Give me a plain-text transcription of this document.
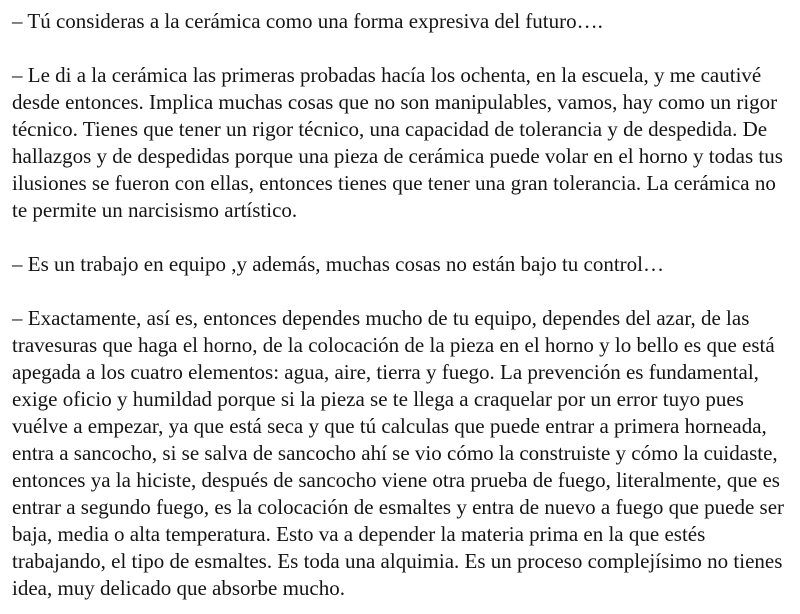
– Tú consideras a la cerámica como una forma expresiva del futuro….

– Le di a la cerámica las primeras probadas hacía los ochenta, en la escuela, y me cautivé desde entonces. Implica muchas cosas que no son manipulables, vamos, hay como un rigor técnico. Tienes que tener un rigor técnico, una capacidad de tolerancia y de despedida. De hallazgos y de despedidas porque una pieza de cerámica puede volar en el horno y todas tus ilusiones se fueron con ellas, entonces tienes que tener una gran tolerancia. La cerámica no te permite un narcisismo artístico.

– Es un trabajo en equipo ,y además, muchas cosas no están bajo tu control…

– Exactamente, así es, entonces dependes mucho de tu equipo, dependes del azar, de las travesuras que haga el horno, de la colocación de la pieza en el horno y lo bello es que está apegada a los cuatro elementos: agua, aire, tierra y fuego. La prevención es fundamental, exige oficio y humildad porque si la pieza se te llega a craquelar por un error tuyo pues vuélve a empezar, ya que está seca y que tú calculas que puede entrar a primera horneada, entra a sancocho, si se salva de sancocho ahí se vio cómo la construiste y cómo la cuidaste, entonces ya la hiciste, después de sancocho viene otra prueba de fuego, literalmente, que es entrar a segundo fuego, es la colocación de esmaltes y entra de nuevo a fuego que puede ser baja, media o alta temperatura. Esto va a depender la materia prima en la que estés trabajando, el tipo de esmaltes. Es toda una alquimia. Es un proceso complejísimo no tienes idea, muy delicado que absorbe mucho.
